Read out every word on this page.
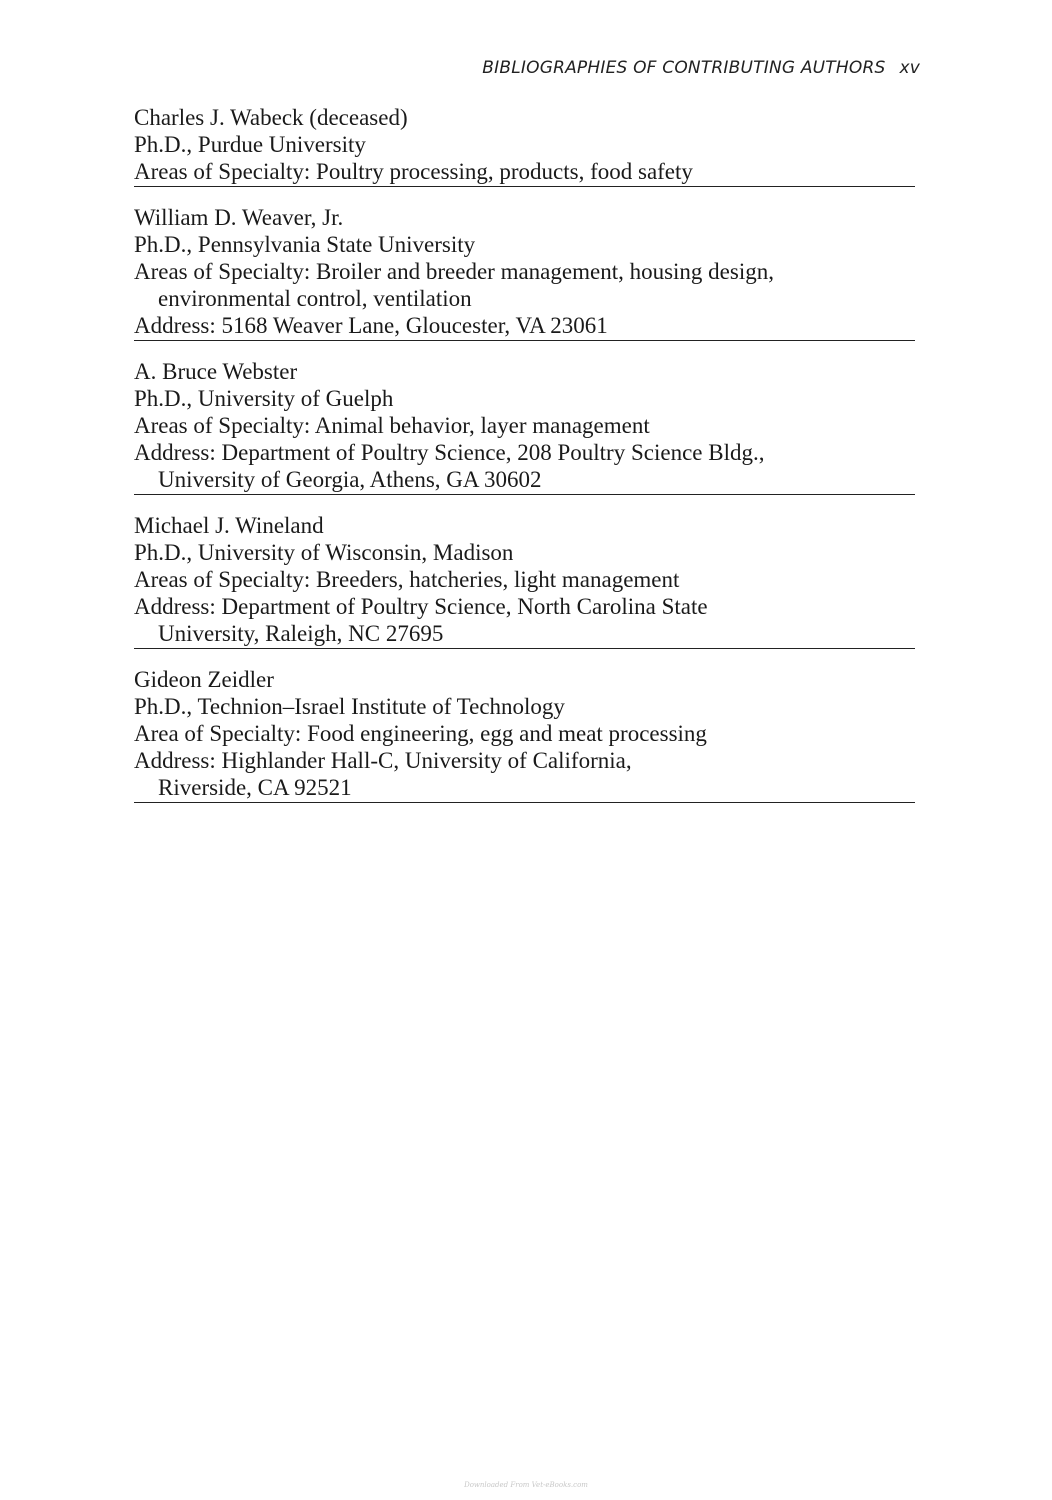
BIBLIOGRAPHIES OF CONTRIBUTING AUTHORS xv
Charles J. Wabeck (deceased)
Ph.D., Purdue University
Areas of Specialty: Poultry processing, products, food safety
William D. Weaver, Jr.
Ph.D., Pennsylvania State University
Areas of Specialty: Broiler and breeder management, housing design,
environmental control, ventilation
Address: 5168 Weaver Lane, Gloucester, VA 23061
A. Bruce Webster
Ph.D., University of Guelph
Areas of Specialty: Animal behavior, layer management
Address: Department of Poultry Science, 208 Poultry Science Bldg.,
University of Georgia, Athens, GA 30602
Michael J. Wineland
Ph.D., University of Wisconsin, Madison
Areas of Specialty: Breeders, hatcheries, light management
Address: Department of Poultry Science, North Carolina State
University, Raleigh, NC 27695
Gideon Zeidler
Ph.D., Technion–Israel Institute of Technology
Area of Specialty: Food engineering, egg and meat processing
Address: Highlander Hall-C, University of California,
Riverside, CA 92521
Downloaded From Vet-eBooks.com
